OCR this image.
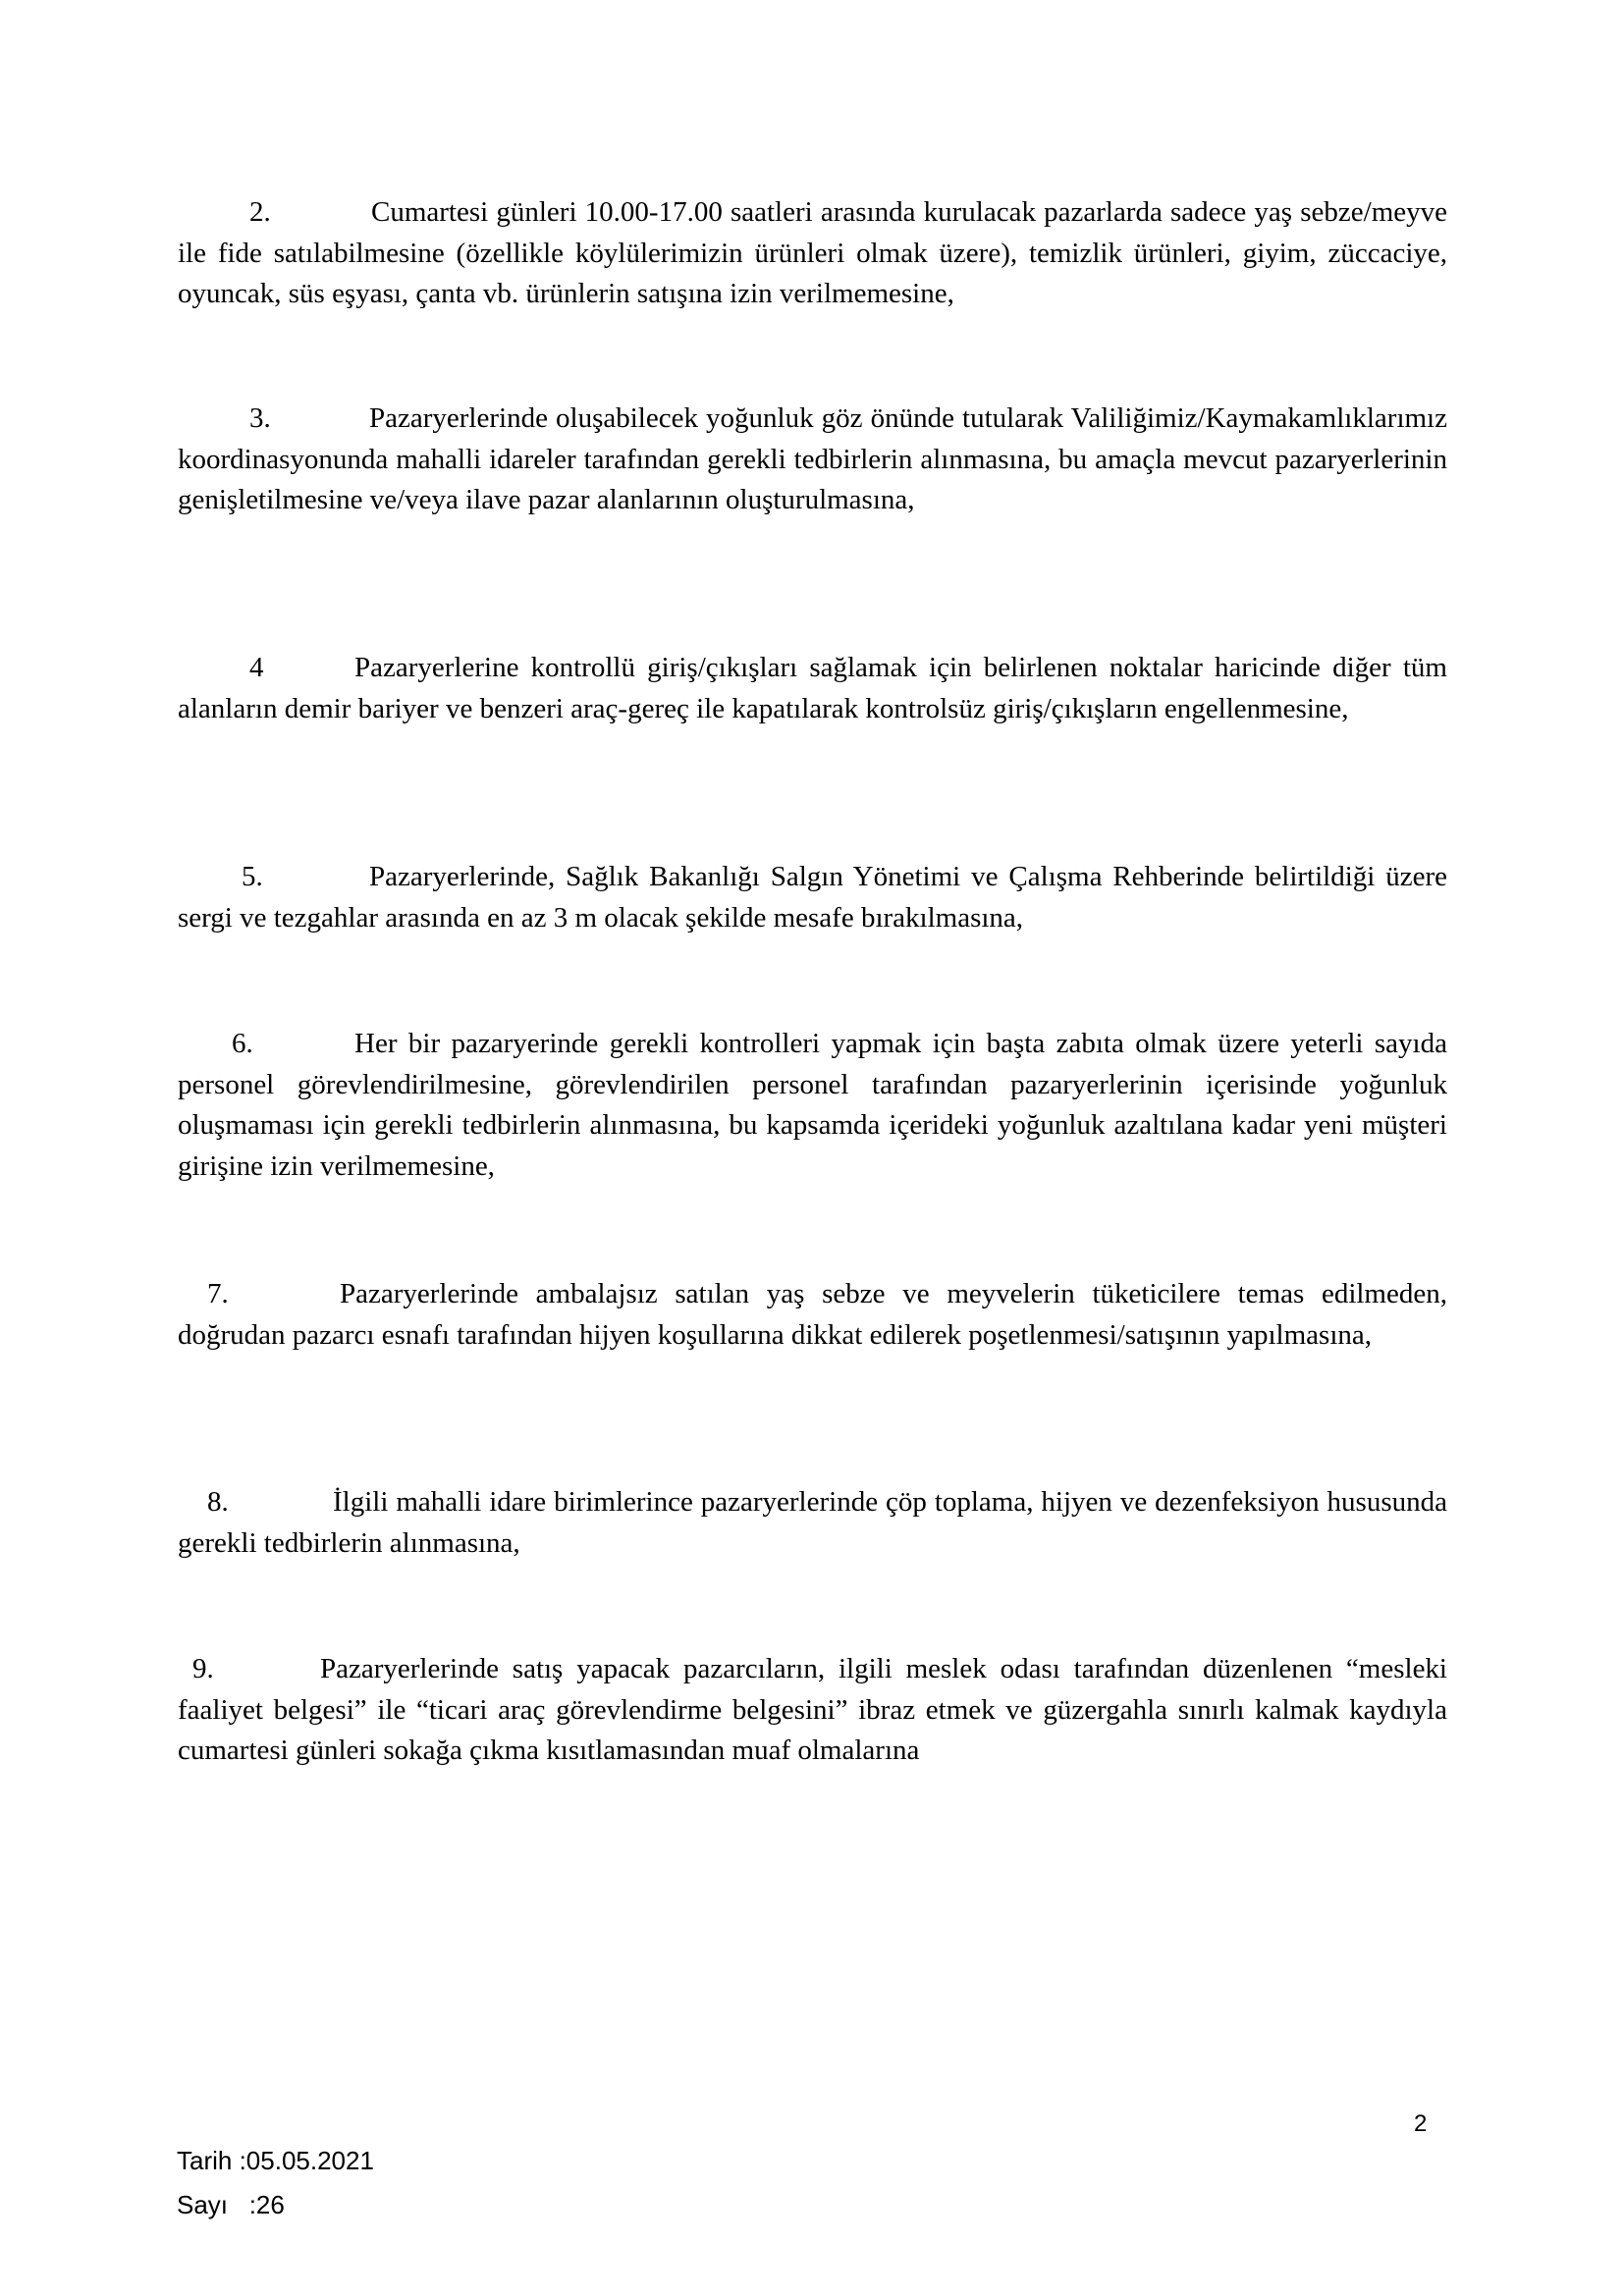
2.	Cumartesi günleri 10.00-17.00 saatleri arasında kurulacak pazarlarda sadece yaş sebze/meyve ile fide satılabilmesine (özellikle köylülerimizin ürünleri olmak üzere), temizlik ürünleri, giyim, züccaciye, oyuncak, süs eşyası, çanta vb. ürünlerin satışına izin verilmemesine,
3.	Pazaryerlerinde oluşabilecek yoğunluk göz önünde tutularak Valiliğimiz/Kaymakamlıklarımız koordinasyonunda mahalli idareler tarafından gerekli tedbirlerin alınmasına, bu amaçla mevcut pazaryerlerinin genişletilmesine ve/veya ilave pazar alanlarının oluşturulmasına,
4	Pazaryerlerine kontrollü giriş/çıkışları sağlamak için belirlenen noktalar haricinde diğer tüm alanların demir bariyer ve benzeri araç-gereç ile kapatılarak kontrolsüz giriş/çıkışların engellenmesine,
5.	Pazaryerlerinde, Sağlık Bakanlığı Salgın Yönetimi ve Çalışma Rehberinde belirtildiği üzere sergi ve tezgahlar arasında en az 3 m olacak şekilde mesafe bırakılmasına,
6.	Her bir pazaryerinde gerekli kontrolleri yapmak için başta zabıta olmak üzere yeterli sayıda personel görevlendirilmesine, görevlendirilen personel tarafından pazaryerlerinin içerisinde yoğunluk oluşmaması için gerekli tedbirlerin alınmasına, bu kapsamda içerideki yoğunluk azaltılana kadar yeni müşteri girişine izin verilmemesine,
7.	Pazaryerlerinde ambalajsız satılan yaş sebze ve meyvelerin tüketicilere temas edilmeden, doğrudan pazarcı esnafı tarafından hijyen koşullarına dikkat edilerek poşetlenmesi/satışının yapılmasına,
8.	İlgili mahalli idare birimlerince pazaryerlerinde çöp toplama, hijyen ve dezenfeksiyon hususunda gerekli tedbirlerin alınmasına,
9.	Pazaryerlerinde satış yapacak pazarcıların, ilgili meslek odası tarafından düzenlenen “mesleki faaliyet belgesi” ile “ticari araç görevlendirme belgesini” ibraz etmek ve güzergahla sınırlı kalmak kaydıyla cumartesi günleri sokağa çıkma kısıtlamasından muaf olmalarına
2
Tarih :05.05.2021
Sayı   :26
